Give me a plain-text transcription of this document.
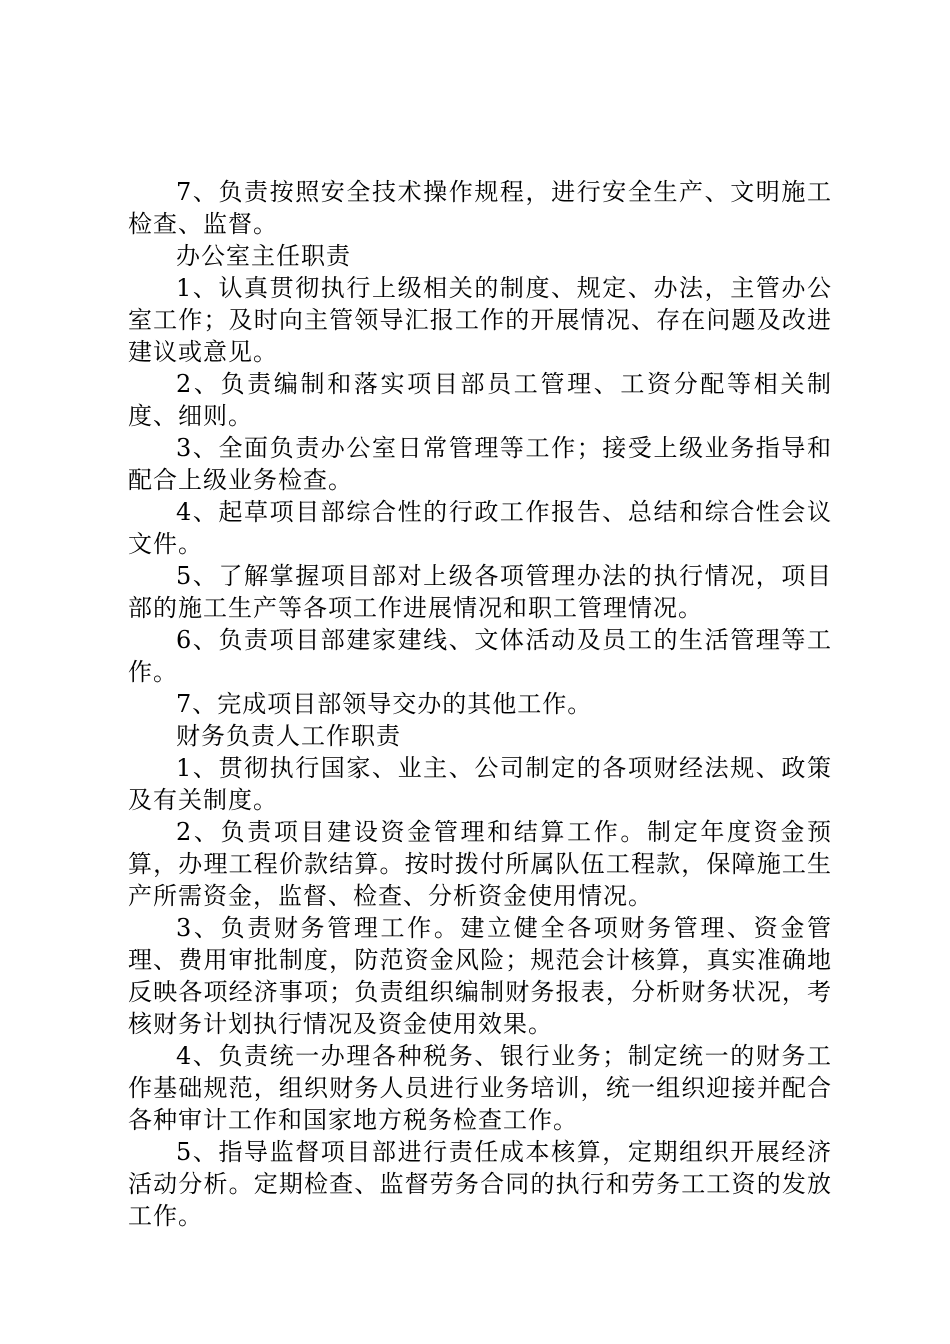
7、负责按照安全技术操作规程，进行安全生产、文明施工检查、监督。

办公室主任职责

1、认真贯彻执行上级相关的制度、规定、办法，主管办公室工作；及时向主管领导汇报工作的开展情况、存在问题及改进建议或意见。

2、负责编制和落实项目部员工管理、工资分配等相关制度、细则。

3、全面负责办公室日常管理等工作；接受上级业务指导和配合上级业务检查。

4、起草项目部综合性的行政工作报告、总结和综合性会议文件。

5、了解掌握项目部对上级各项管理办法的执行情况，项目部的施工生产等各项工作进展情况和职工管理情况。

6、负责项目部建家建线、文体活动及员工的生活管理等工作。

7、完成项目部领导交办的其他工作。

财务负责人工作职责

1、贯彻执行国家、业主、公司制定的各项财经法规、政策及有关制度。

2、负责项目建设资金管理和结算工作。制定年度资金预算，办理工程价款结算。按时拨付所属队伍工程款，保障施工生产所需资金，监督、检查、分析资金使用情况。

3、负责财务管理工作。建立健全各项财务管理、资金管理、费用审批制度，防范资金风险；规范会计核算，真实准确地反映各项经济事项；负责组织编制财务报表，分析财务状况，考核财务计划执行情况及资金使用效果。

4、负责统一办理各种税务、银行业务；制定统一的财务工作基础规范，组织财务人员进行业务培训，统一组织迎接并配合各种审计工作和国家地方税务检查工作。

5、指导监督项目部进行责任成本核算，定期组织开展经济活动分析。定期检查、监督劳务合同的执行和劳务工工资的发放工作。
